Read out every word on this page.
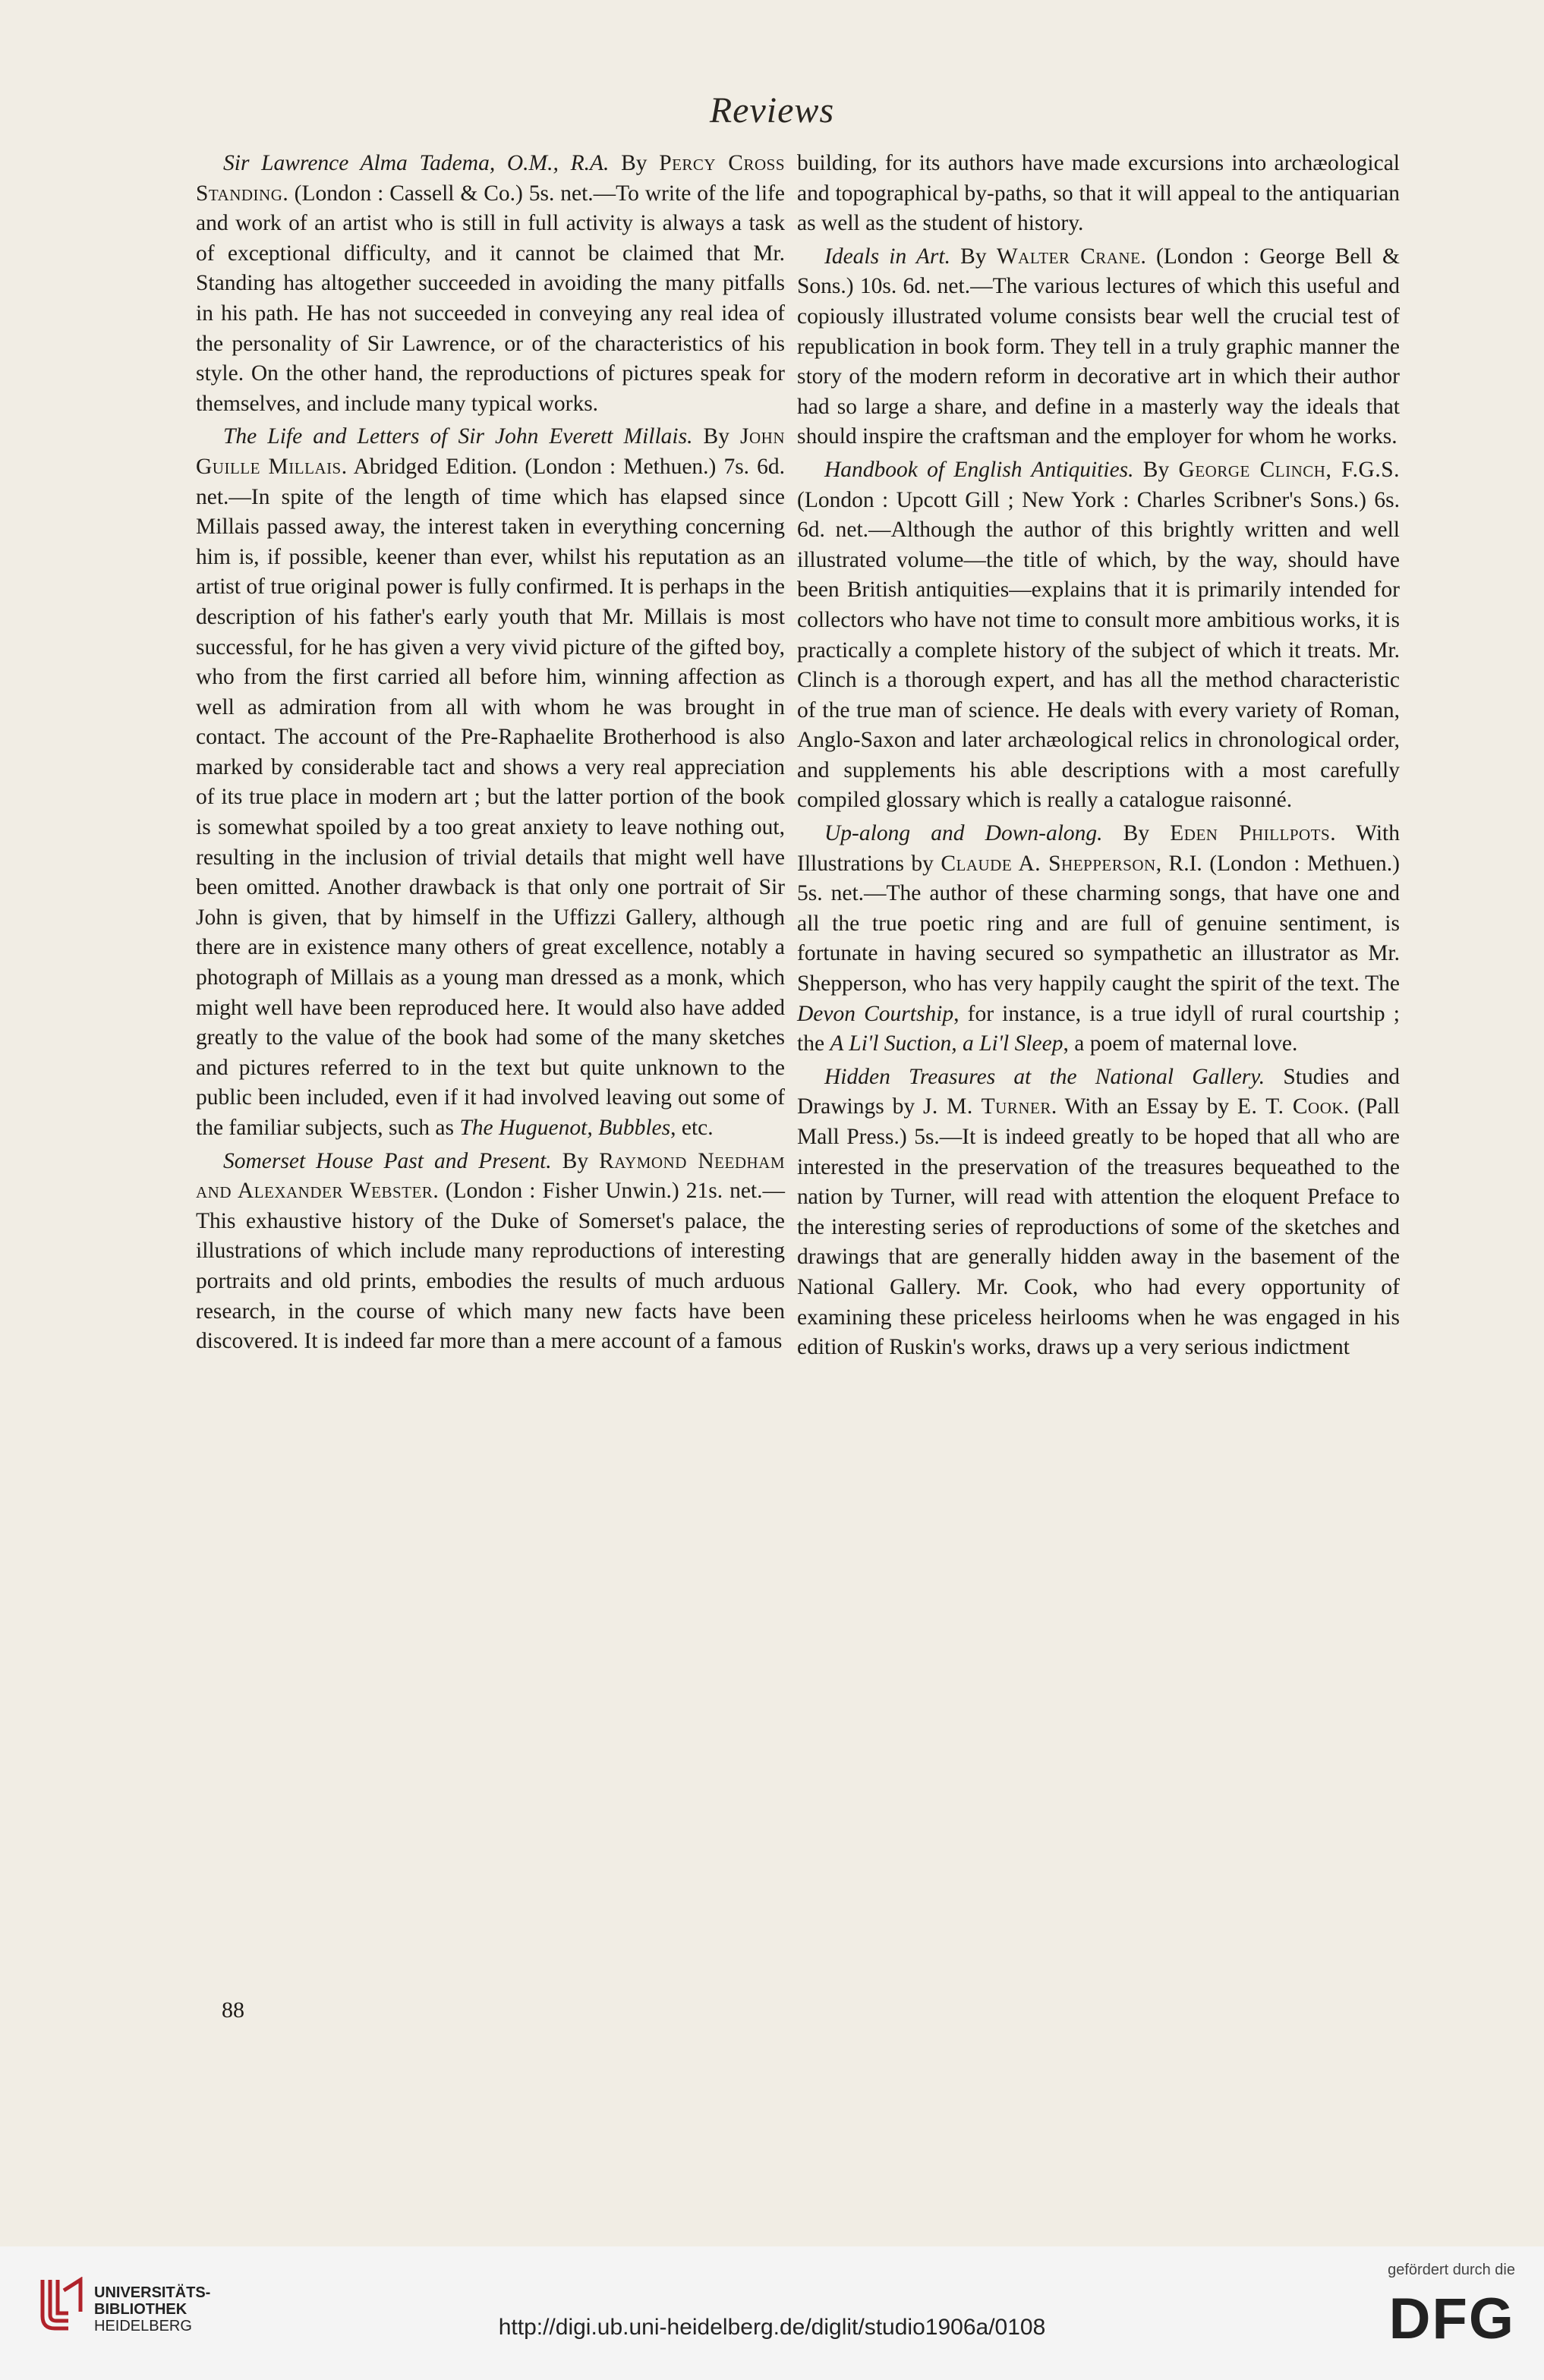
Reviews

Sir Lawrence Alma Tadema, O.M., R.A. By Percy Cross Standing. (London : Cassell & Co.) 5s. net.—To write of the life and work of an artist who is still in full activity is always a task of exceptional difficulty, and it cannot be claimed that Mr. Standing has altogether succeeded in avoiding the many pitfalls in his path. He has not succeeded in conveying any real idea of the personality of Sir Lawrence, or of the characteristics of his style. On the other hand, the reproductions of pictures speak for themselves, and include many typical works.

The Life and Letters of Sir John Everett Millais. By John Guille Millais. Abridged Edition. (London : Methuen.) 7s. 6d. net.—In spite of the length of time which has elapsed since Millais passed away, the interest taken in everything concerning him is, if possible, keener than ever, whilst his reputation as an artist of true original power is fully confirmed. It is perhaps in the description of his father's early youth that Mr. Millais is most successful, for he has given a very vivid picture of the gifted boy, who from the first carried all before him, winning affection as well as admiration from all with whom he was brought in contact. The account of the Pre-Raphaelite Brotherhood is also marked by considerable tact and shows a very real appreciation of its true place in modern art ; but the latter portion of the book is somewhat spoiled by a too great anxiety to leave nothing out, resulting in the inclusion of trivial details that might well have been omitted. Another drawback is that only one portrait of Sir John is given, that by himself in the Uffizzi Gallery, although there are in existence many others of great excellence, notably a photograph of Millais as a young man dressed as a monk, which might well have been reproduced here. It would also have added greatly to the value of the book had some of the many sketches and pictures referred to in the text but quite unknown to the public been included, even if it had involved leaving out some of the familiar subjects, such as The Huguenot, Bubbles, etc.

Somerset House Past and Present. By Raymond Needham and Alexander Webster. (London : Fisher Unwin.) 21s. net.—This exhaustive history of the Duke of Somerset's palace, the illustrations of which include many reproductions of interesting portraits and old prints, embodies the results of much arduous research, in the course of which many new facts have been discovered. It is indeed far more than a mere account of a famous

building, for its authors have made excursions into archæological and topographical by-paths, so that it will appeal to the antiquarian as well as the student of history.

Ideals in Art. By Walter Crane. (London : George Bell & Sons.) 10s. 6d. net.—The various lectures of which this useful and copiously illustrated volume consists bear well the crucial test of republication in book form. They tell in a truly graphic manner the story of the modern reform in decorative art in which their author had so large a share, and define in a masterly way the ideals that should inspire the craftsman and the employer for whom he works.

Handbook of English Antiquities. By George Clinch, F.G.S. (London : Upcott Gill ; New York : Charles Scribner's Sons.) 6s. 6d. net.—Although the author of this brightly written and well illustrated volume—the title of which, by the way, should have been British antiquities—explains that it is primarily intended for collectors who have not time to consult more ambitious works, it is practically a complete history of the subject of which it treats. Mr. Clinch is a thorough expert, and has all the method characteristic of the true man of science. He deals with every variety of Roman, Anglo-Saxon and later archæological relics in chronological order, and supplements his able descriptions with a most carefully compiled glossary which is really a catalogue raisonné.

Up-along and Down-along. By Eden Phillpots. With Illustrations by Claude A. Shepperson, R.I. (London : Methuen.) 5s. net.—The author of these charming songs, that have one and all the true poetic ring and are full of genuine sentiment, is fortunate in having secured so sympathetic an illustrator as Mr. Shepperson, who has very happily caught the spirit of the text. The Devon Courtship, for instance, is a true idyll of rural courtship ; the A Li'l Suction, a Li'l Sleep, a poem of maternal love.

Hidden Treasures at the National Gallery. Studies and Drawings by J. M. Turner. With an Essay by E. T. Cook. (Pall Mall Press.) 5s.—It is indeed greatly to be hoped that all who are interested in the preservation of the treasures bequeathed to the nation by Turner, will read with attention the eloquent Preface to the interesting series of reproductions of some of the sketches and drawings that are generally hidden away in the basement of the National Gallery. Mr. Cook, who had every opportunity of examining these priceless heirlooms when he was engaged in his edition of Ruskin's works, draws up a very serious indictment

88
UNIVERSITÄTS-
BIBLIOTHEK
HEIDELBERG	http://digi.ub.uni-heidelberg.de/diglit/studio1906a/0108
gefördert durch die
DFG
